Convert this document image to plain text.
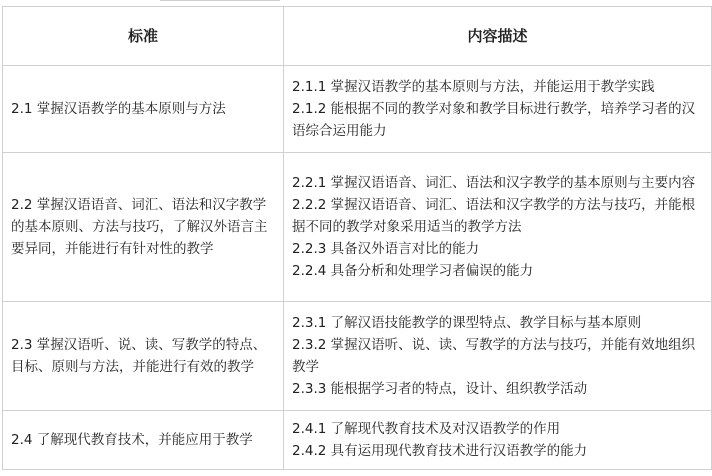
标准	内容描述
2.1 掌握汉语教学的基本原则与方法	2.1.1 掌握汉语教学的基本原则与方法，并能运用于教学实践
2.1.2 能根据不同的教学对象和教学目标进行教学，培养学习者的汉语综合运用能力

2.2 掌握汉语语音、词汇、语法和汉字教学的基本原则、方法与技巧，了解汉外语言主要异同，并能进行有针对性的教学	2.2.1 掌握汉语语音、词汇、语法和汉字教学的基本原则与主要内容
2.2.2 掌握汉语语音、词汇、语法和汉字教学的方法与技巧，并能根据不同的教学对象采用适当的教学方法
2.2.3 具备汉外语言对比的能力
2.2.4 具备分析和处理学习者偏误的能力

2.3 掌握汉语听、说、读、写教学的特点、目标、原则与方法，并能进行有效的教学	2.3.1 了解汉语技能教学的课型特点、教学目标与基本原则
2.3.2 掌握汉语听、说、读、写教学的方法与技巧，并能有效地组织教学
2.3.3 能根据学习者的特点，设计、组织教学活动

2.4 了解现代教育技术，并能应用于教学	2.4.1 了解现代教育技术及对汉语教学的作用
2.4.2 具有运用现代教育技术进行汉语教学的能力
